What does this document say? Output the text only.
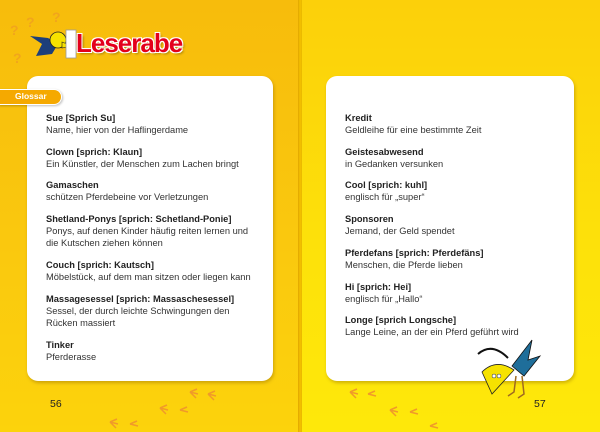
? ? ?
? Leserabe
Sue [Sprich Su]
Name, hier von der Haflingerdame
Clown [sprich: Klaun]
Ein Künstler, der Menschen zum Lachen bringt
Gamaschen
schützen Pferdebeine vor Verletzungen
Shetland-Ponys [sprich: Schetland-Ponie]
Ponys, auf denen Kinder häufig reiten lernen und die Kutschen ziehen können
Couch [sprich: Kautsch]
Möbelstück, auf dem man sitzen oder liegen kann
Massagesessel [sprich: Massaschesessel]
Sessel, der durch leichte Schwingungen den Rücken massiert
Tinker
Pferderasse
Glossar
56
Kredit
Geldleihe für eine bestimmte Zeit
Geistesabwesend
in Gedanken versunken
Cool [sprich: kuhl]
englisch für „super“
Sponsoren
Jemand, der Geld spendet
Pferdefans [sprich: Pferdefäns]
Menschen, die Pferde lieben
Hi [sprich: Hei]
englisch für „Hallo“
Longe [sprich Longsche]
Lange Leine, an der ein Pferd geführt wird
57
